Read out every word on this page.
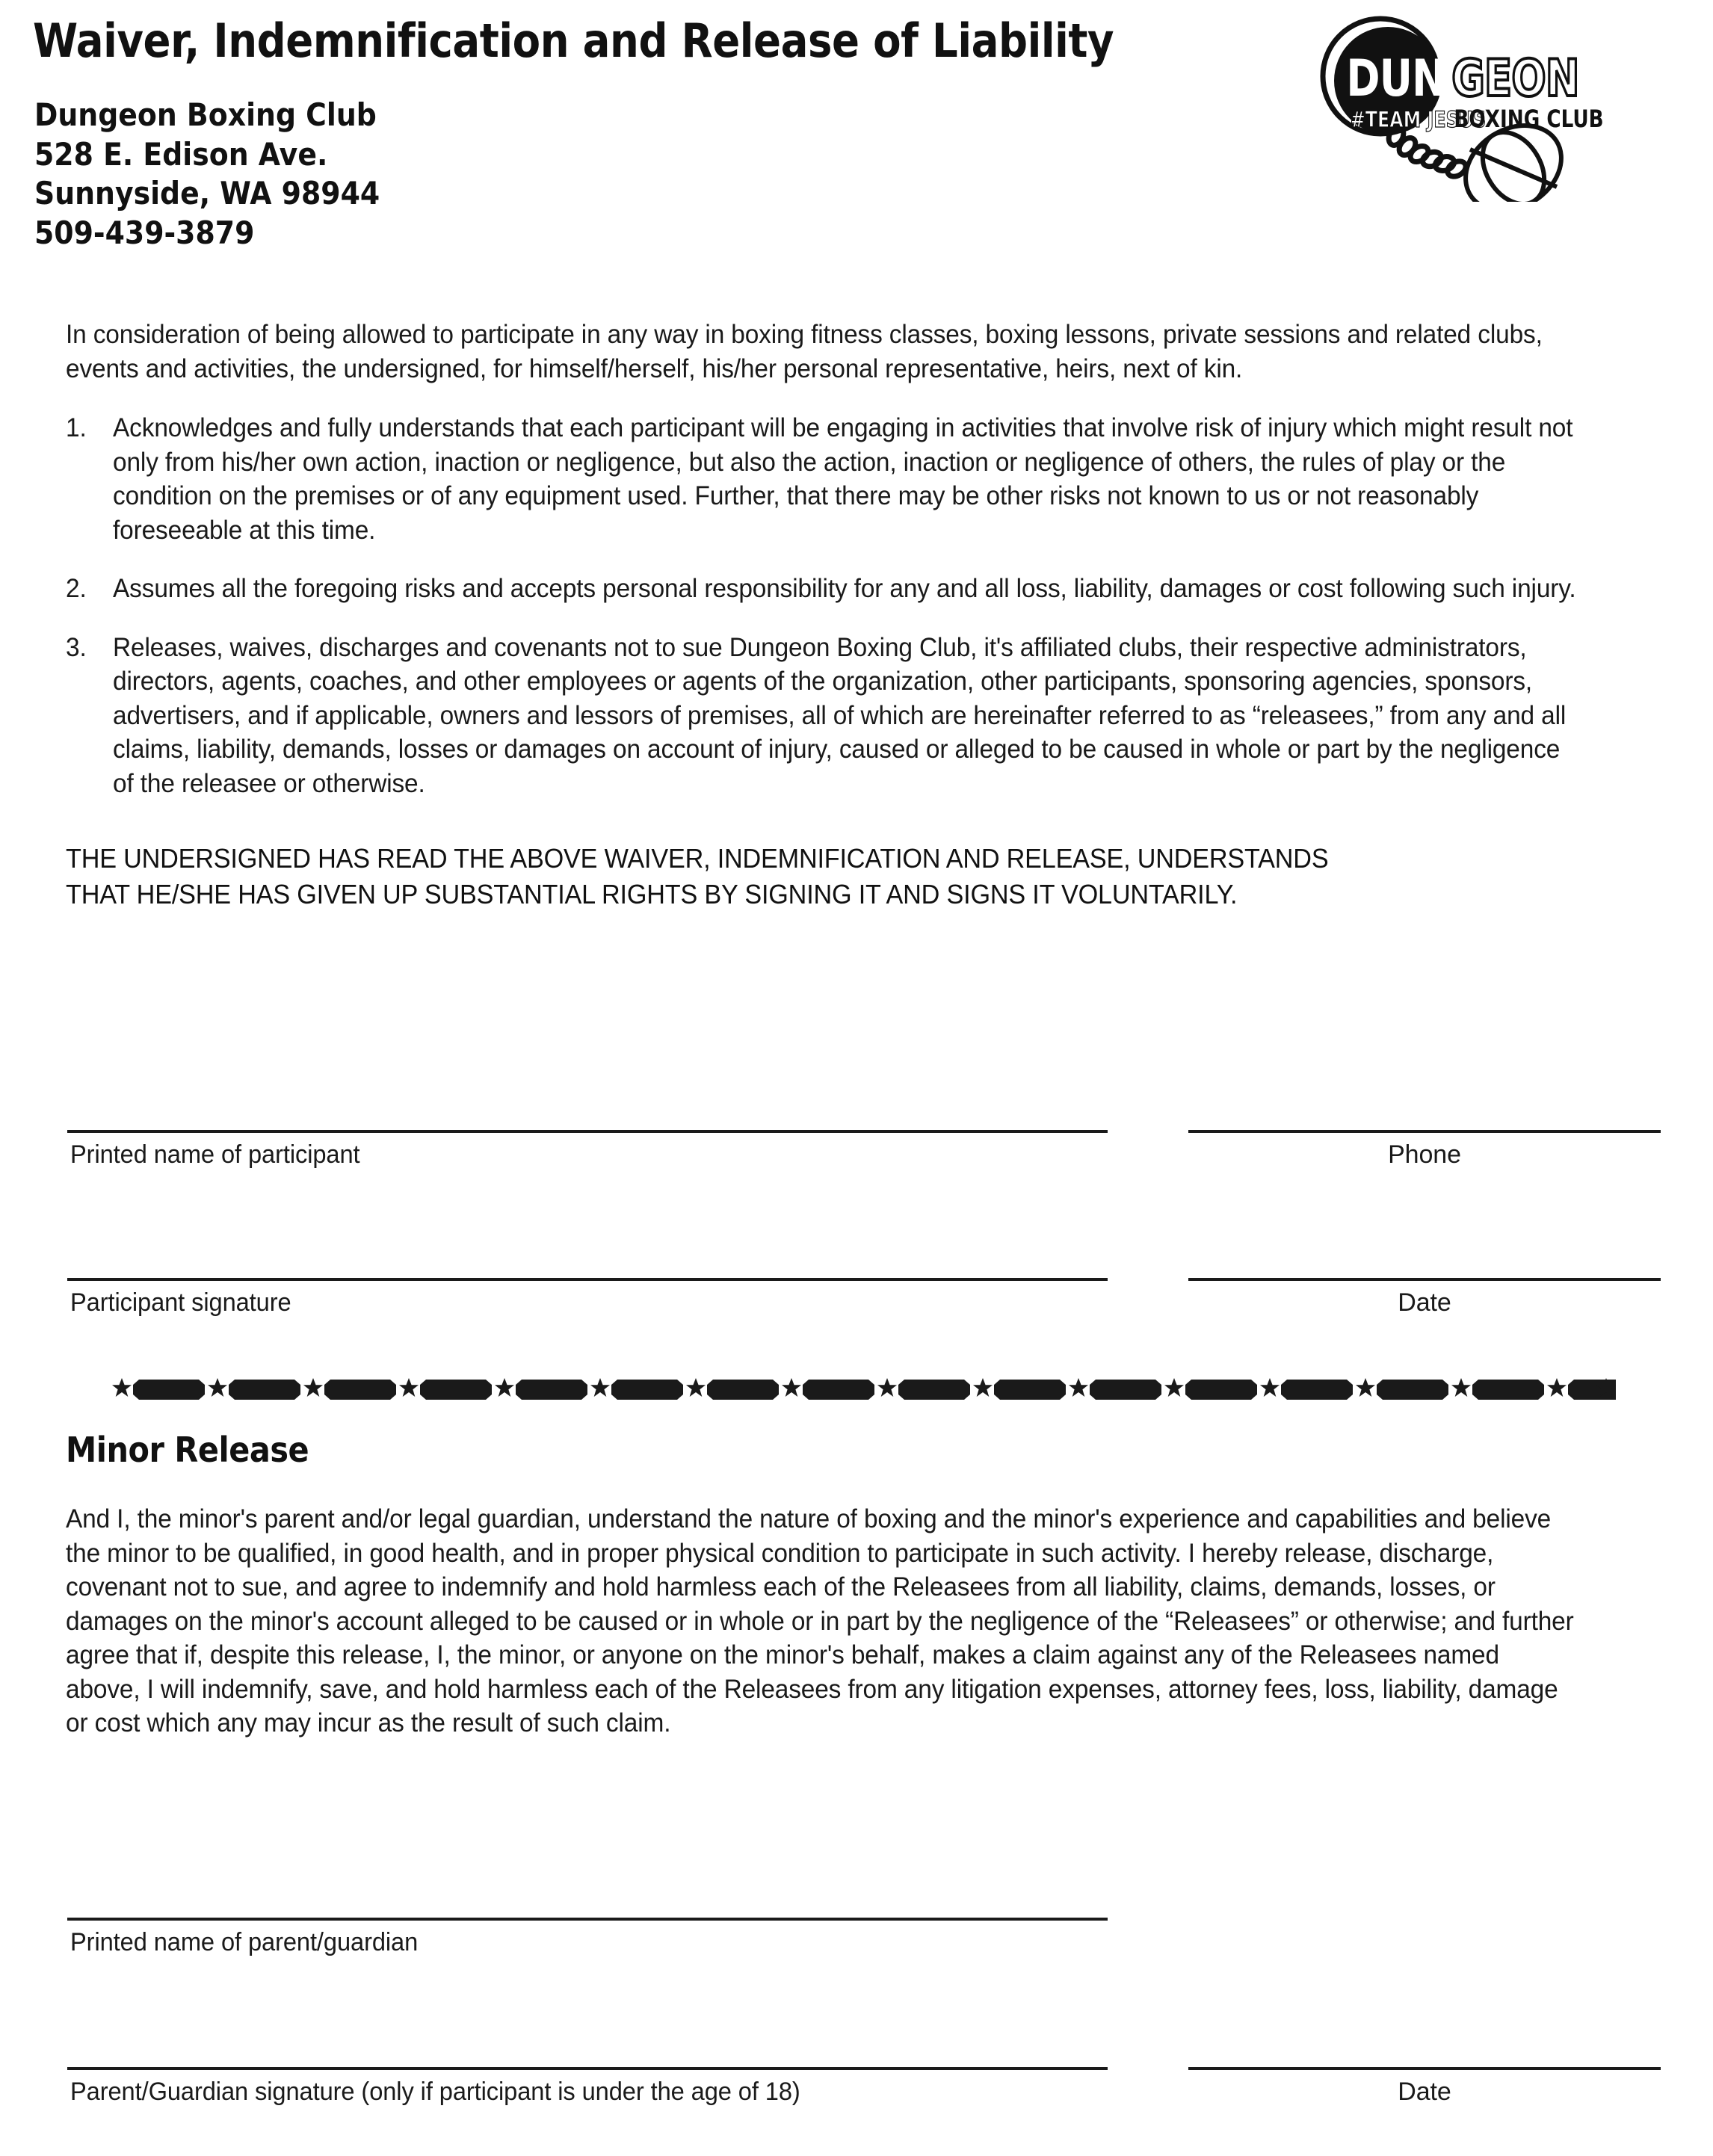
Waiver, Indemnification and Release of Liability
Dungeon Boxing Club
528 E. Edison Ave.
Sunnyside, WA 98944
509-439-3879
DUN GEON
#TEAM JESUS
BOXING CLUB

In consideration of being allowed to participate in any way in boxing fitness classes, boxing lessons, private sessions and related clubs, events and activities, the undersigned, for himself/herself, his/her personal representative, heirs, next of kin.

1.	Acknowledges and fully understands that each participant will be engaging in activities that involve risk of injury which might result not only from his/her own action, inaction or negligence, but also the action, inaction or negligence of others, the rules of play or the condition on the premises or of any equipment used. Further, that there may be other risks not known to us or not reasonably foreseeable at this time.
2.	Assumes all the foregoing risks and accepts personal responsibility for any and all loss, liability, damages or cost following such injury.
3.	Releases, waives, discharges and covenants not to sue Dungeon Boxing Club, it's affiliated clubs, their respective administrators, directors, agents, coaches, and other employees or agents of the organization, other participants, sponsoring agencies, sponsors, advertisers, and if applicable, owners and lessors of premises, all of which are hereinafter referred to as “releasees,” from any and all claims, liability, demands, losses or damages on account of injury, caused or alleged to be caused in whole or part by the negligence of the releasee or otherwise.
THE UNDERSIGNED HAS READ THE ABOVE WAIVER, INDEMNIFICATION AND RELEASE, UNDERSTANDS
THAT HE/SHE HAS GIVEN UP SUBSTANTIAL RIGHTS BY SIGNING IT AND SIGNS IT VOLUNTARILY.
Printed name of participant	Phone
Participant signature	Date
Minor Release

And I, the minor's parent and/or legal guardian, understand the nature of boxing and the minor's experience and capabilities and believe the minor to be qualified, in good health, and in proper physical condition to participate in such activity. I hereby release, discharge, covenant not to sue, and agree to indemnify and hold harmless each of the Releasees from all liability, claims, demands, losses, or damages on the minor's account alleged to be caused or in whole or in part by the negligence of the “Releasees” or otherwise; and further agree that if, despite this release, I, the minor, or anyone on the minor's behalf, makes a claim against any of the Releasees named above, I will indemnify, save, and hold harmless each of the Releasees from any litigation expenses, attorney fees, loss, liability, damage or cost which any may incur as the result of such claim.

Printed name of parent/guardian
Parent/Guardian signature (only if participant is under the age of 18)	Date
